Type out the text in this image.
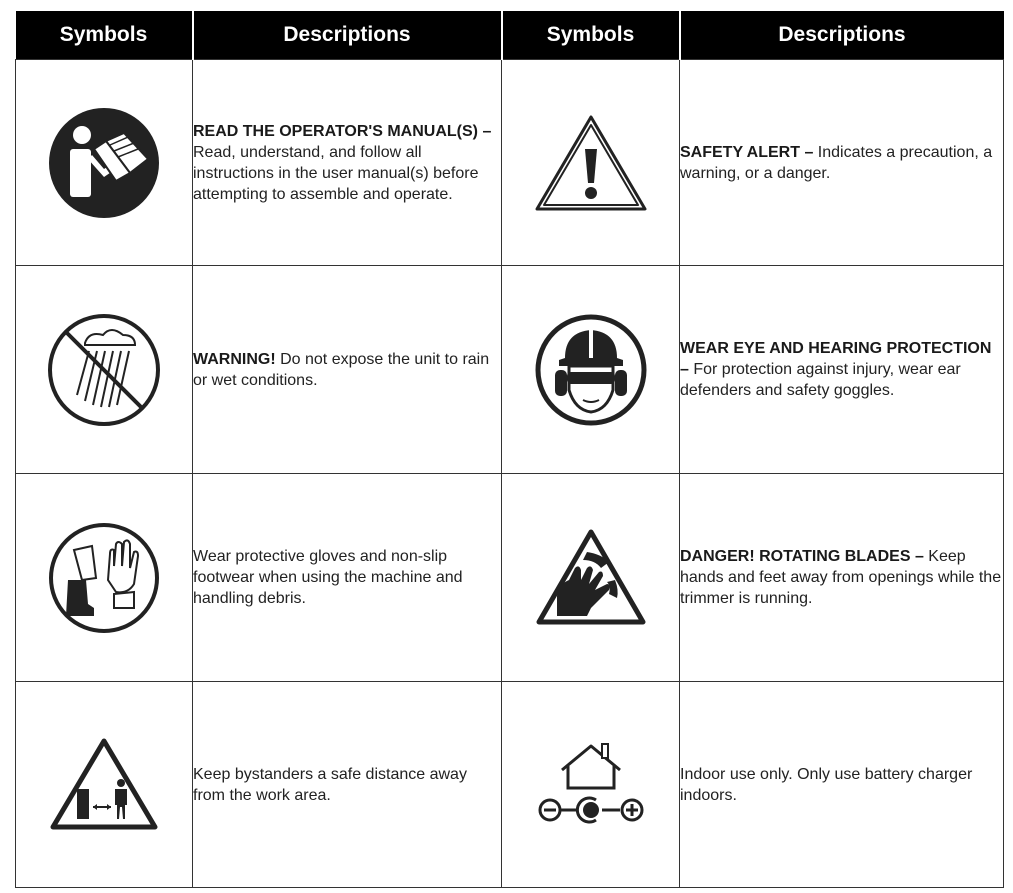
Symbols	Descriptions	Symbols	Descriptions

	READ THE OPERATOR'S MANUAL(S) – Read, understand, and follow all instructions in the user manual(s) before attempting to assemble and operate.		SAFETY ALERT – Indicates a precaution, a warning, or a danger.

	WARNING! Do not expose the unit to rain or wet conditions.		WEAR EYE AND HEARING PROTECTION – For protection against injury, wear ear defenders and safety goggles.

	Wear protective gloves and non-slip footwear when using the machine and handling debris.		DANGER! ROTATING BLADES – Keep hands and feet away from openings while the trimmer is running.

	Keep bystanders a safe distance away from the work area.		Indoor use only. Only use battery charger indoors.
